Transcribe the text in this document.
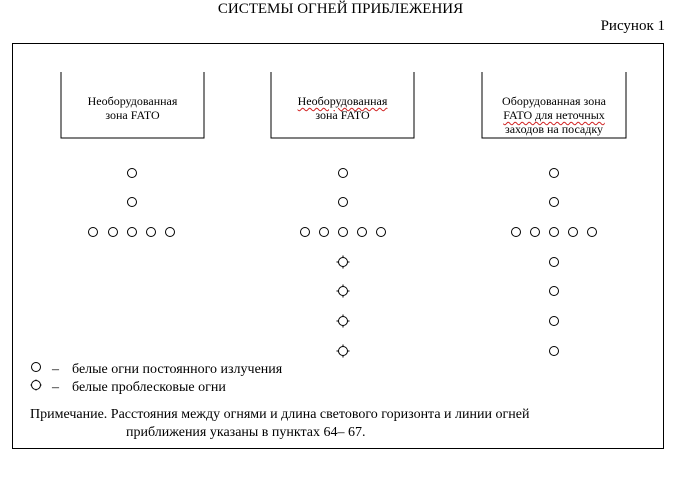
СИСТЕМЫ ОГНЕЙ ПРИБЛЕЖЕНИЯ
Рисунок 1
Необорудованная
зона FATO
Необорудованная
зона FATO
Оборудованная зона
FATO для неточных
заходов на посадку
– белые огни постоянного излучения
– белые проблесковые огни
Примечание. Расстояния между огнями и длина светового горизонта и линии огней
приближения указаны в пунктах 64– 67.
